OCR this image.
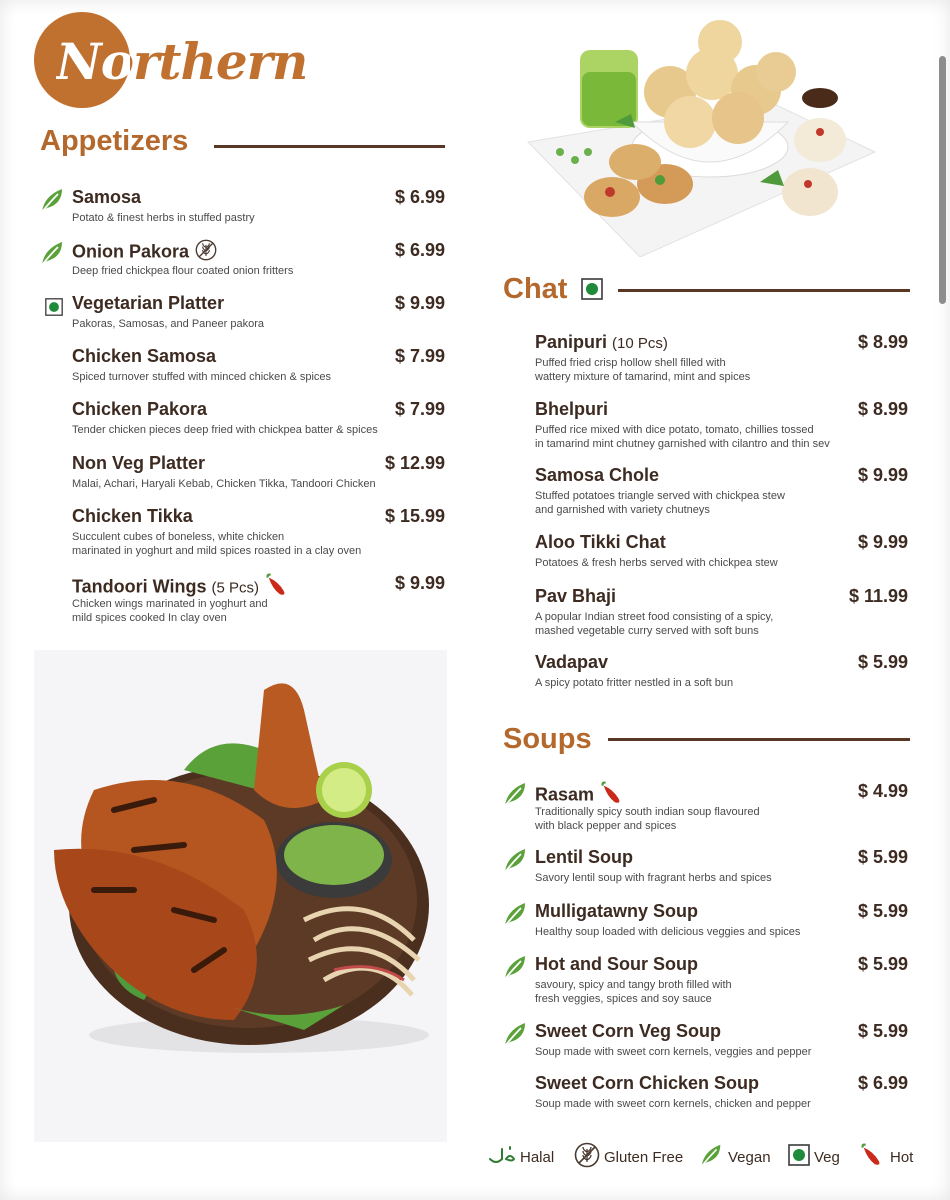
Northern
Appetizers
Samosa
Potato & finest herbs in stuffed pastry
$ 6.99
Onion Pakora
Deep fried chickpea flour coated onion fritters
$ 6.99
Vegetarian Platter
Pakoras, Samosas, and Paneer pakora
$ 9.99
Chicken Samosa
Spiced turnover stuffed with minced chicken & spices
$ 7.99
Chicken Pakora
Tender chicken pieces deep fried with chickpea batter & spices
$ 7.99
Non Veg Platter
Malai, Achari, Haryali Kebab, Chicken Tikka, Tandoori Chicken
$ 12.99
Chicken Tikka
Succulent cubes of boneless, white chicken
marinated in yoghurt and mild spices roasted in a clay oven
$ 15.99
Tandoori Wings (5 Pcs)
Chicken wings marinated in yoghurt and
mild spices cooked In clay oven
$ 9.99
Chat
Panipuri (10 Pcs)
Puffed fried crisp hollow shell filled with
wattery mixture of tamarind, mint and spices
$ 8.99
Bhelpuri
Puffed rice mixed with dice potato, tomato, chillies tossed
in tamarind mint chutney garnished with cilantro and thin sev
$ 8.99
Samosa Chole
Stuffed potatoes triangle served with chickpea stew
and garnished with variety chutneys
$ 9.99
Aloo Tikki Chat
Potatoes & fresh herbs served with chickpea stew
$ 9.99
Pav Bhaji
A popular Indian street food consisting of a spicy,
mashed vegetable curry served with soft buns
$ 11.99
Vadapav
A spicy potato fritter nestled in a soft bun
$ 5.99
Soups
Rasam
Traditionally spicy south indian soup flavoured
with black pepper and spices
$ 4.99
Lentil Soup
Savory lentil soup with fragrant herbs and spices
$ 5.99
Mulligatawny Soup
Healthy soup loaded with delicious veggies and spices
$ 5.99
Hot and Sour Soup
savoury, spicy and tangy broth filled with
fresh veggies, spices and soy sauce
$ 5.99
Sweet Corn Veg Soup
Soup made with sweet corn kernels, veggies and pepper
$ 5.99
Sweet Corn Chicken Soup
Soup made with sweet corn kernels, chicken and pepper
$ 6.99
Halal	Gluten Free	Vegan	Veg	Hot
